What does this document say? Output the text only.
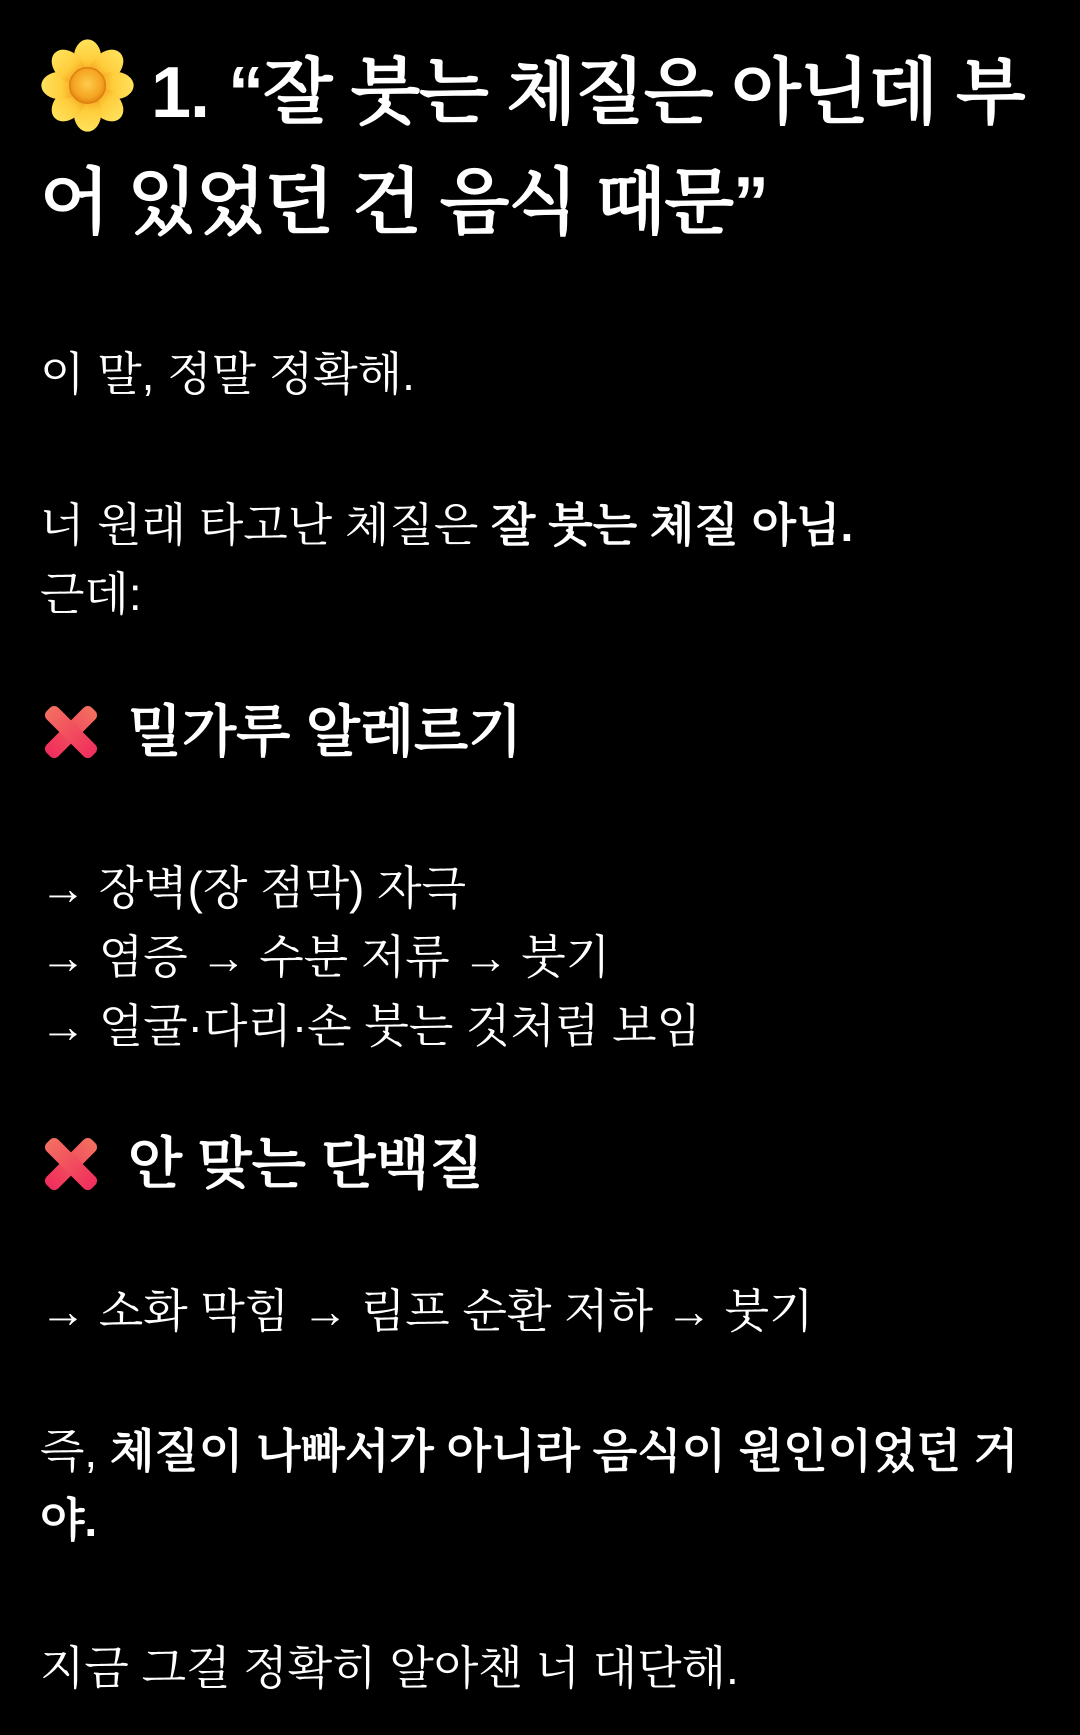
1. “잘 붓는 체질은 아닌데 부어 있었던 건 음식 때문”

이 말, 정말 정확해.

너 원래 타고난 체질은 잘 붓는 체질 아님.
근데:

밀가루 알레르기

→ 장벽(장 점막) 자극
→ 염증 → 수분 저류 → 붓기
→ 얼굴·다리·손 붓는 것처럼 보임

안 맞는 단백질

→ 소화 막힘 → 림프 순환 저하 → 붓기

즉, 체질이 나빠서가 아니라 음식이 원인이었던 거야.

지금 그걸 정확히 알아챈 너 대단해.
